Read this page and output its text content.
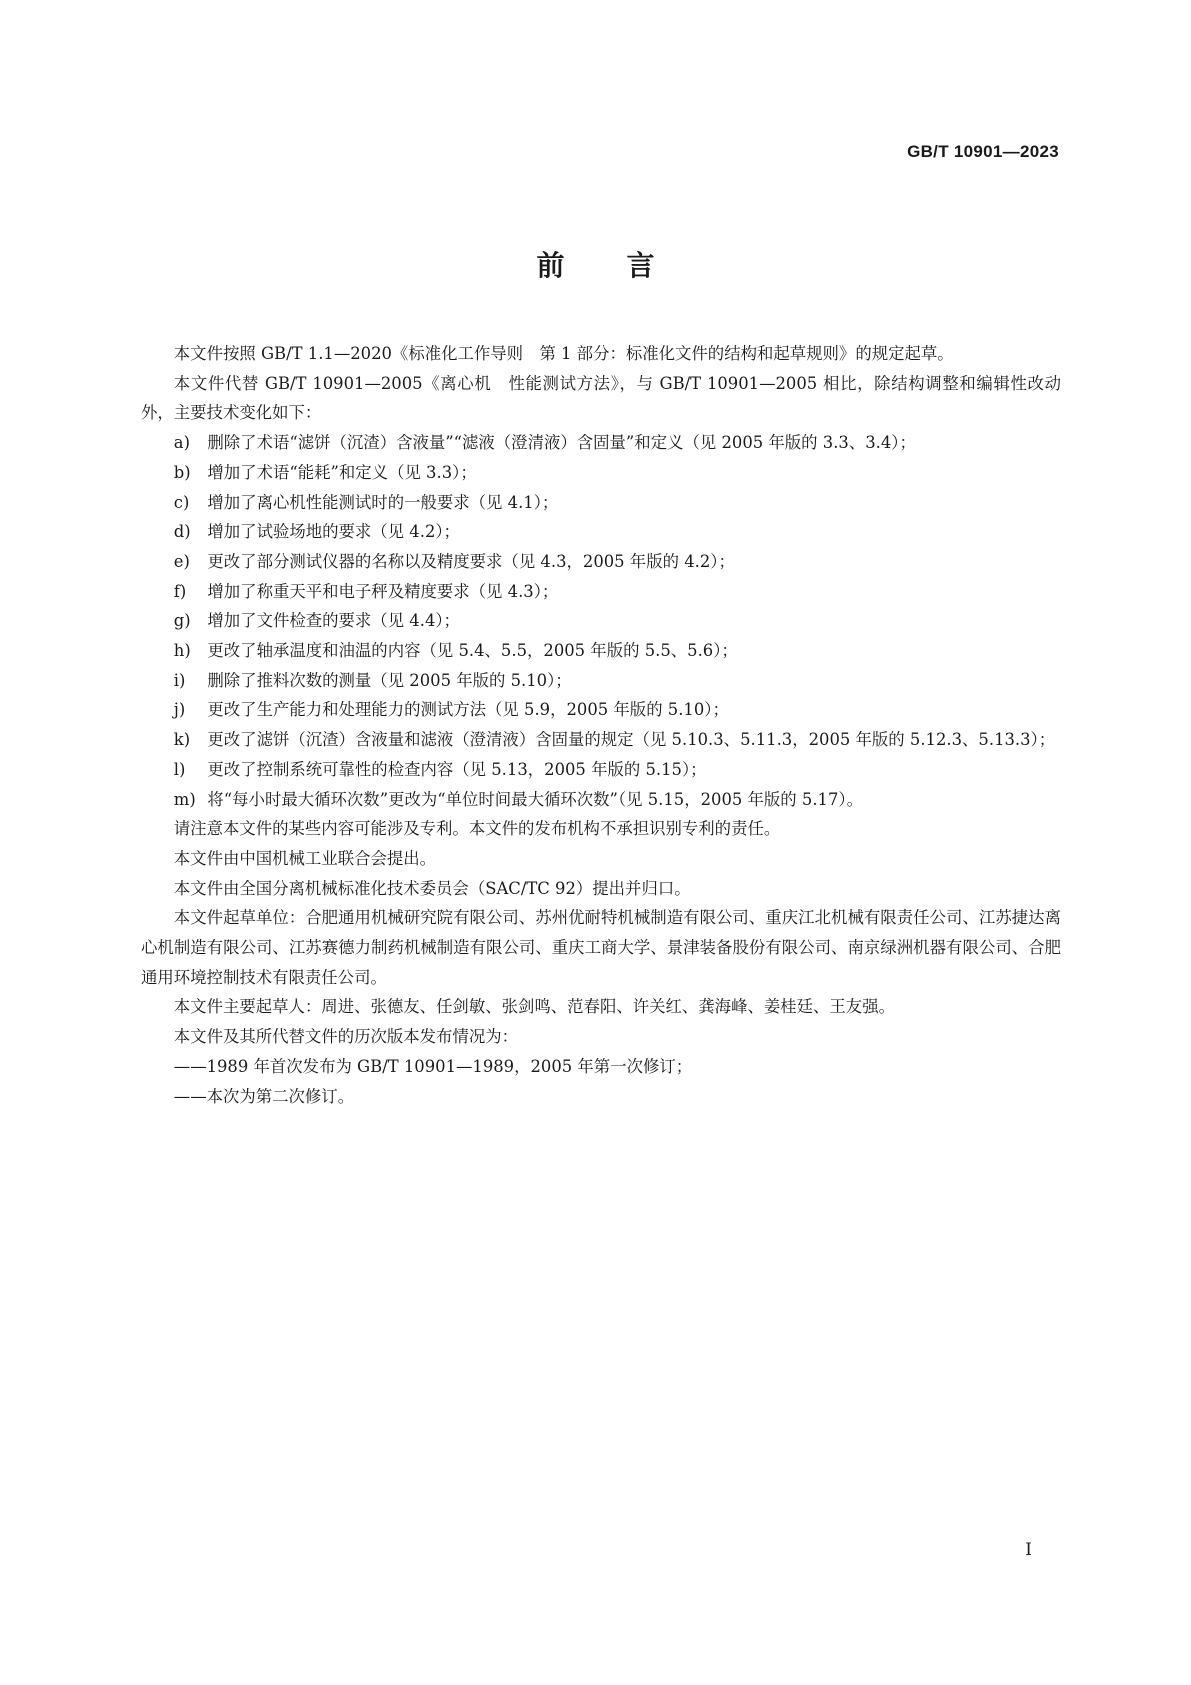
GB/T 10901—2023
前言

本文件按照 GB/T 1.1—2020《标准化工作导则　第 1 部分：标准化文件的结构和起草规则》的规定起草。

本文件代替 GB/T 10901—2005《离心机　性能测试方法》，与 GB/T 10901—2005 相比，除结构调整和编辑性改动外，主要技术变化如下：

a) 删除了术语“滤饼（沉渣）含液量”“滤液（澄清液）含固量”和定义（见 2005 年版的 3.3、3.4）；

b) 增加了术语“能耗”和定义（见 3.3）；

c) 增加了离心机性能测试时的一般要求（见 4.1）；

d) 增加了试验场地的要求（见 4.2）；

e) 更改了部分测试仪器的名称以及精度要求（见 4.3，2005 年版的 4.2）；

f) 增加了称重天平和电子秤及精度要求（见 4.3）；

g) 增加了文件检查的要求（见 4.4）；

h) 更改了轴承温度和油温的内容（见 5.4、5.5，2005 年版的 5.5、5.6）；

i) 删除了推料次数的测量（见 2005 年版的 5.10）；

j) 更改了生产能力和处理能力的测试方法（见 5.9，2005 年版的 5.10）；

k) 更改了滤饼（沉渣）含液量和滤液（澄清液）含固量的规定（见 5.10.3、5.11.3，2005 年版的 5.12.3、5.13.3）；

l) 更改了控制系统可靠性的检查内容（见 5.13，2005 年版的 5.15）；

m) 将“每小时最大循环次数”更改为“单位时间最大循环次数”（见 5.15，2005 年版的 5.17）。

请注意本文件的某些内容可能涉及专利。本文件的发布机构不承担识别专利的责任。

本文件由中国机械工业联合会提出。

本文件由全国分离机械标准化技术委员会（SAC/TC 92）提出并归口。

本文件起草单位：合肥通用机械研究院有限公司、苏州优耐特机械制造有限公司、重庆江北机械有限责任公司、江苏捷达离心机制造有限公司、江苏赛德力制药机械制造有限公司、重庆工商大学、景津装备股份有限公司、南京绿洲机器有限公司、合肥通用环境控制技术有限责任公司。

本文件主要起草人：周进、张德友、任剑敏、张剑鸣、范春阳、许关红、龚海峰、姜桂廷、王友强。

本文件及其所代替文件的历次版本发布情况为：

——1989 年首次发布为 GB/T 10901—1989，2005 年第一次修订；

——本次为第二次修订。

I
